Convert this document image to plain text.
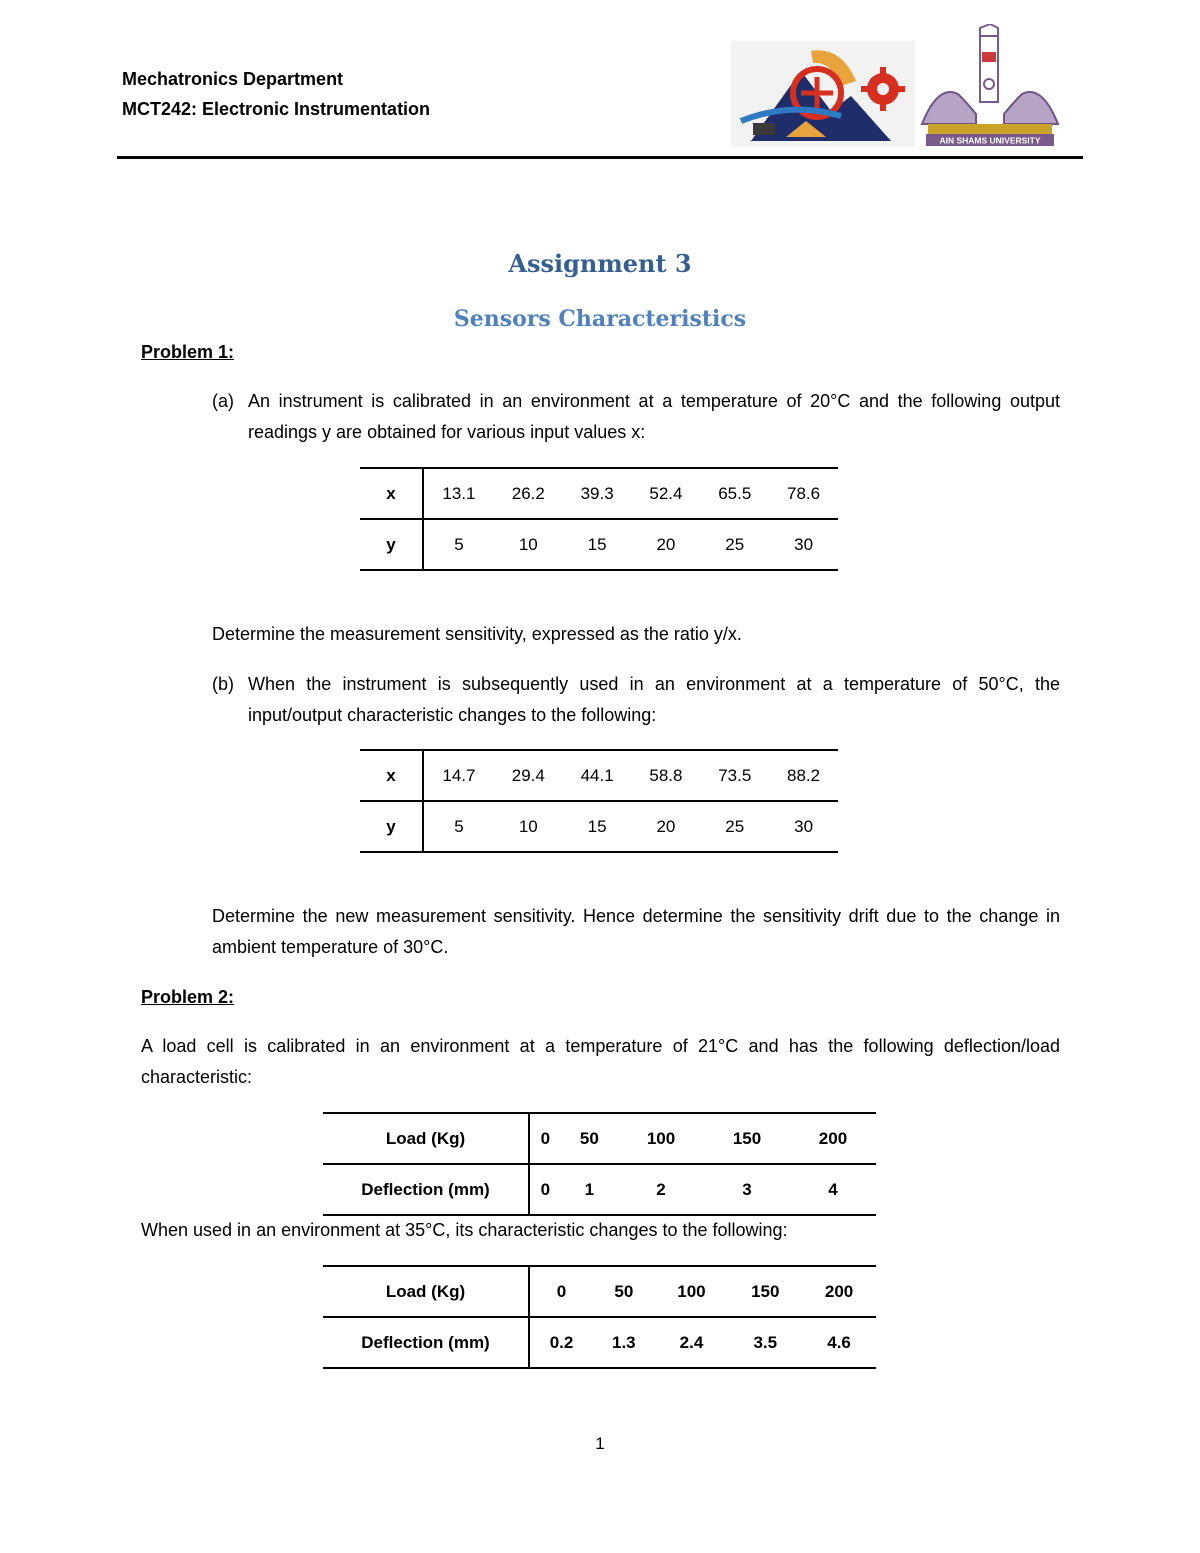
Mechatronics Department
MCT242: Electronic Instrumentation
AIN SHAMS UNIVERSITY
Assignment 3
Sensors Characteristics
Problem 1:
(a) An instrument is calibrated in an environment at a temperature of 20°C and the following output readings y are obtained for various input values x:
x	13.1	26.2	39.3	52.4	65.5	78.6
y	5	10	15	20	25	30
Determine the measurement sensitivity, expressed as the ratio y/x.
(b) When the instrument is subsequently used in an environment at a temperature of 50°C, the input/output characteristic changes to the following:
x	14.7	29.4	44.1	58.8	73.5	88.2
y	5	10	15	20	25	30
Determine the new measurement sensitivity. Hence determine the sensitivity drift due to the change in ambient temperature of 30°C.
Problem 2:
A load cell is calibrated in an environment at a temperature of 21°C and has the following deflection/load characteristic:
Load (Kg)	0	50	100	150	200
Deflection (mm)	0	1	2	3	4
When used in an environment at 35°C, its characteristic changes to the following:
Load (Kg)	0	50	100	150	200
Deflection (mm)	0.2	1.3	2.4	3.5	4.6
1
